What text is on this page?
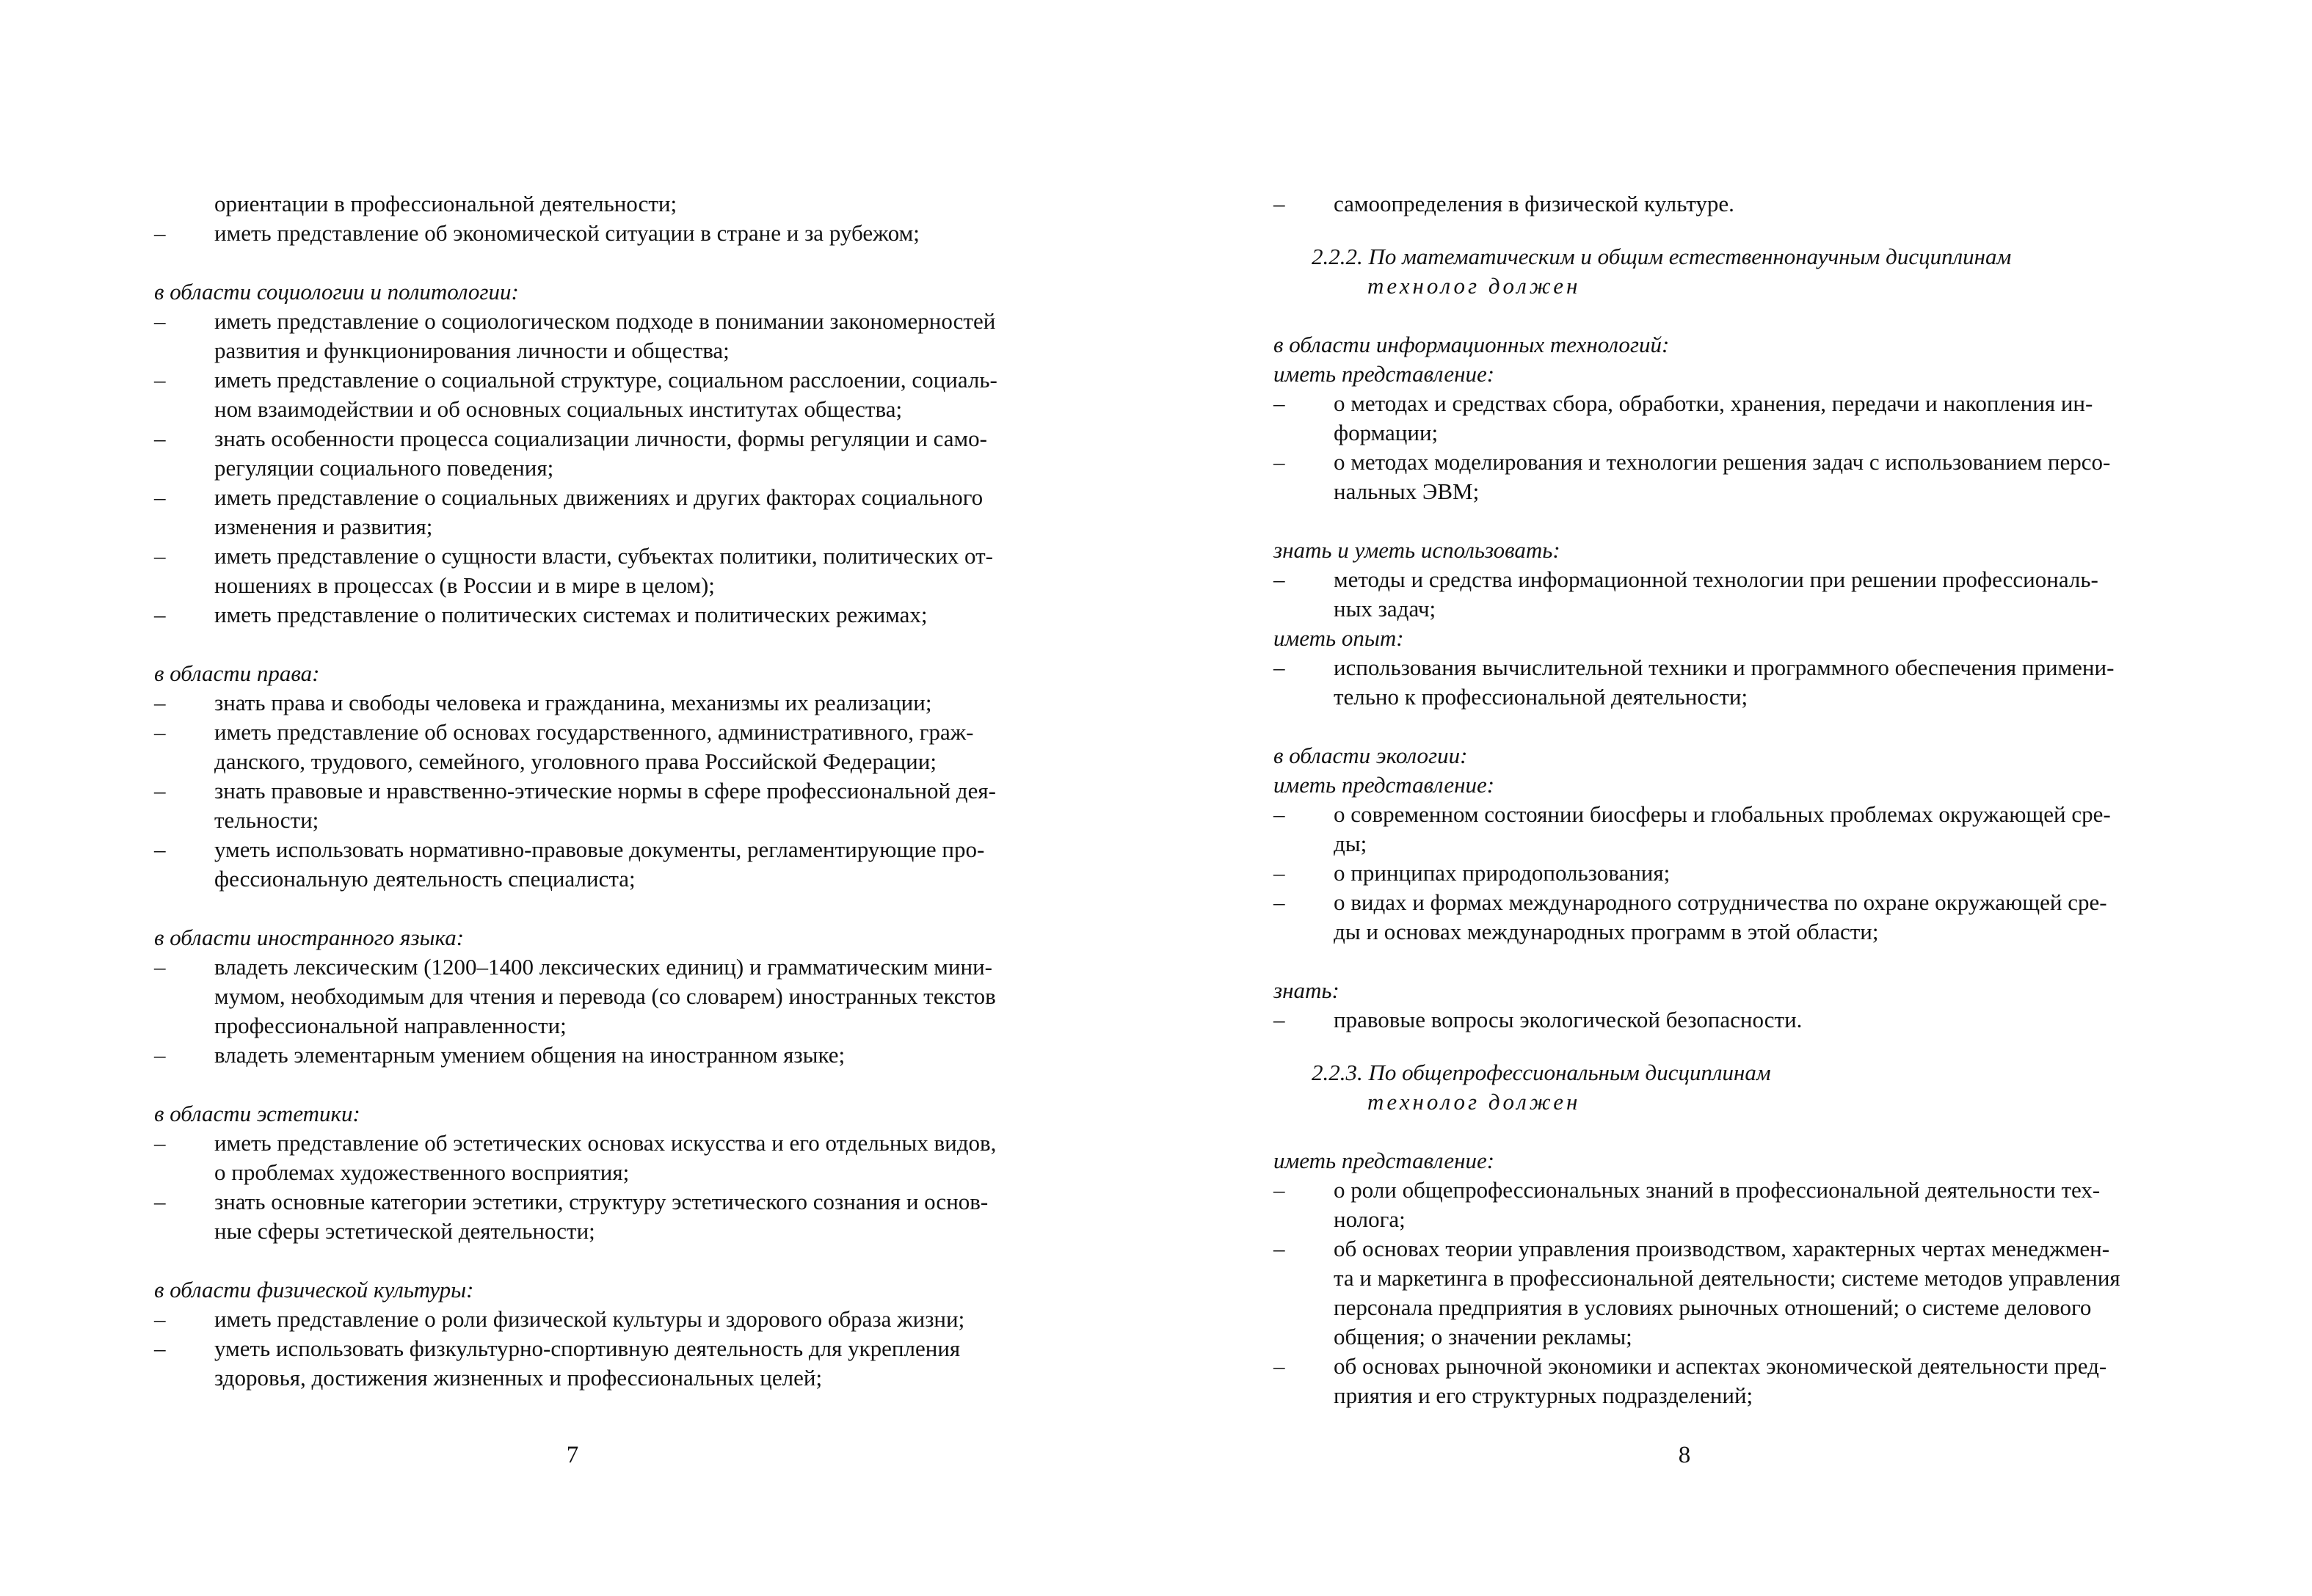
ориентации в профессиональной деятельности;

–	иметь представление об экономической ситуации в стране и за рубежом;

в области социологии и политологии:

–	иметь представление о социологическом подходе в понимании закономерностей

развития и функционирования личности и общества;

–	иметь представление о социальной структуре, социальном расслоении, социаль-

ном взаимодействии и об основных социальных институтах общества;

–	знать особенности процесса социализации личности, формы регуляции и само-

регуляции социального поведения;

–	иметь представление о социальных движениях и других факторах социального

изменения и развития;

–	иметь представление о сущности власти, субъектах политики, политических от-

ношениях в процессах (в России и в мире в целом);

–	иметь представление о политических системах и политических режимах;

в области права:

–	знать права и свободы человека и гражданина, механизмы их реализации;

–	иметь представление об основах государственного, административного, граж-

данского, трудового, семейного, уголовного права Российской Федерации;

–	знать правовые и нравственно-этические нормы в сфере профессиональной дея-

тельности;

–	уметь использовать нормативно-правовые документы, регламентирующие про-

фессиональную деятельность специалиста;

в области иностранного языка:

–	владеть лексическим (1200–1400 лексических единиц) и грамматическим мини-

мумом, необходимым для чтения и перевода (со словарем) иностранных текстов

профессиональной направленности;

–	владеть элементарным умением общения на иностранном языке;

в области эстетики:

–	иметь представление об эстетических основах искусства и его отдельных видов,

о проблемах художественного восприятия;

–	знать основные категории эстетики, структуру эстетического сознания и основ-

ные сферы эстетической деятельности;

в области физической культуры:

–	иметь представление о роли физической культуры и здорового образа жизни;

–	уметь использовать физкультурно-спортивную деятельность для укрепления

здоровья, достижения жизненных и профессиональных целей;

7

–	самоопределения в физической культуре.

2.2.2. По математическим и общим естественнонаучным дисциплинам

технолог должен

в области информационных технологий:

иметь представление:

–	о методах и средствах сбора, обработки, хранения, передачи и накопления ин-

формации;

–	о методах моделирования и технологии решения задач с использованием персо-

нальных ЭВМ;

знать и уметь использовать:

–	методы и средства информационной технологии при решении профессиональ-

ных задач;

иметь опыт:

–	использования вычислительной техники и программного обеспечения примени-

тельно к профессиональной деятельности;

в области экологии:

иметь представление:

–	о современном состоянии биосферы и глобальных проблемах окружающей сре-

ды;

–	о принципах природопользования;

–	о видах и формах международного сотрудничества по охране окружающей сре-

ды и основах международных программ в этой области;

знать:

–	правовые вопросы экологической безопасности.

2.2.3. По общепрофессиональным дисциплинам

технолог должен

иметь представление:

–	о роли общепрофессиональных знаний в профессиональной деятельности тех-

нолога;

–	об основах теории управления производством, характерных чертах менеджмен-

та и маркетинга в профессиональной деятельности; системе методов управления

персонала предприятия в условиях рыночных отношений; о системе делового

общения; о значении рекламы;

–	об основах рыночной экономики и аспектах экономической деятельности пред-

приятия и его структурных подразделений;

8
